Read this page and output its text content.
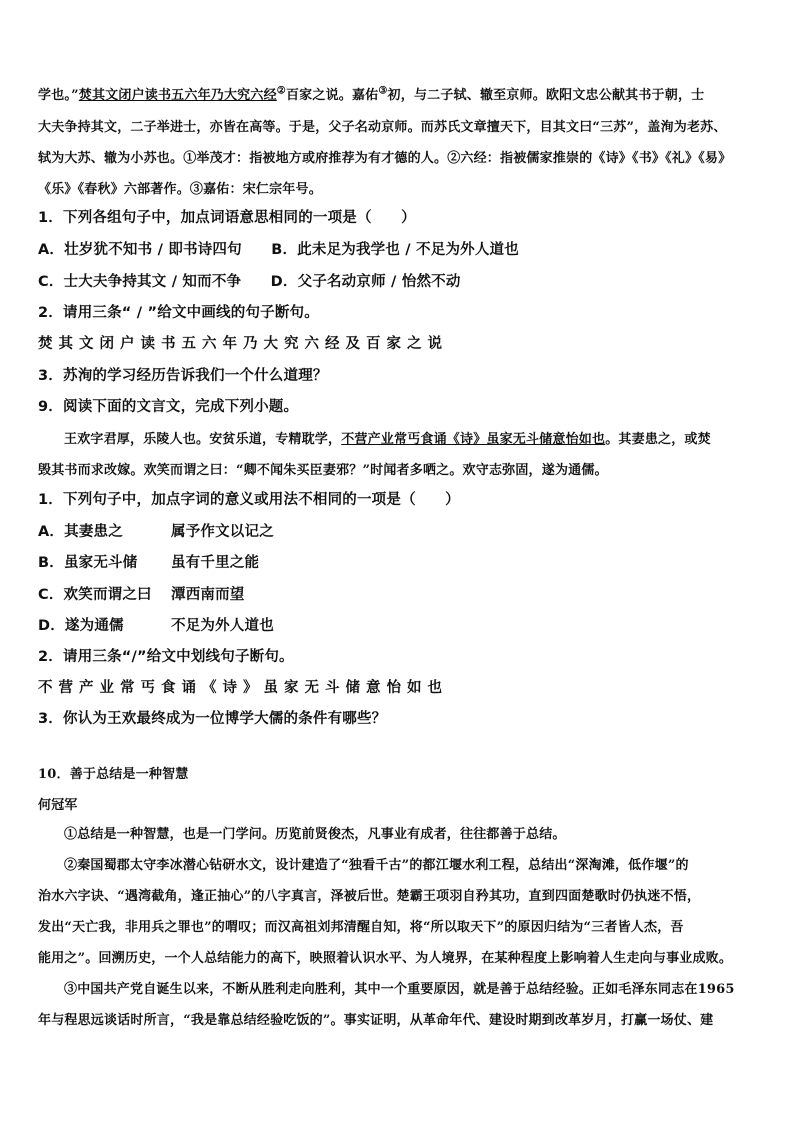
学也。”焚其文闭户读书五六年乃大究六经②百家之说。嘉佑③初，与二子轼、辙至京师。欧阳文忠公献其书于朝，士
大夫争持其文，二子举进士，亦皆在高等。于是，父子名动京师。而苏氏文章擅天下，目其文曰“三苏”，盖洵为老苏、
轼为大苏、辙为小苏也。①举茂才：指被地方或府推荐为有才德的人。②六经：指被儒家推崇的《诗》《书》《礼》《易》
《乐》《春秋》六部著作。③嘉佑：宋仁宗年号。
1．下列各组句子中，加点词语意思相同的一项是（　　）
A．壮岁犹不知书 / 即书诗四句　　B．此未足为我学也 / 不足为外人道也
C．士大夫争持其文 / 知而不争　　D．父子名动京师 / 怡然不动
2．请用三条“ / ”给文中画线的句子断句。
焚其文闭户读书五六年乃大究六经及百家之说
3．苏洵的学习经历告诉我们一个什么道理？
9．阅读下面的文言文，完成下列小题。
王欢字君厚，乐陵人也。安贫乐道，专精耽学，不营产业常丐食诵《诗》虽家无斗储意怡如也。其妻患之，或焚
毁其书而求改嫁。欢笑而谓之曰：“卿不闻朱买臣妻邪？”时闻者多哂之。欢守志弥固，遂为通儒。
1．下列句子中，加点字词的意义或用法不相同的一项是（　　）
A．其妻患之	属予作文以记之
B．虽家无斗储 虽有千里之能
C．欢笑而谓之曰 潭西南而望
D．遂为通儒	不足为外人道也
2．请用三条“/”给文中划线句子断句。
不营产业常丐食诵《诗》虽家无斗储意怡如也
3．你认为王欢最终成为一位博学大儒的条件有哪些？
10．善于总结是一种智慧
何冠军
①总结是一种智慧，也是一门学问。历览前贤俊杰，凡事业有成者，往往都善于总结。
②秦国蜀郡太守李冰潜心钻研水文，设计建造了“独看千古”的都江堰水利工程，总结出“深淘滩，低作堰”的
治水六字诀、“遇湾截角，逢正抽心”的八字真言，泽被后世。楚霸王项羽自矜其功，直到四面楚歌时仍执迷不悟，
发出“天亡我，非用兵之罪也”的喟叹；而汉高祖刘邦清醒自知，将“所以取天下”的原因归结为“三者皆人杰，吾
能用之”。回溯历史，一个人总结能力的高下，映照着认识水平、为人境界，在某种程度上影响着人生走向与事业成败。
③中国共产党自诞生以来，不断从胜利走向胜利，其中一个重要原因，就是善于总结经验。正如毛泽东同志在1965
年与程思远谈话时所言，“我是靠总结经验吃饭的”。事实证明，从革命年代、建设时期到改革岁月，打赢一场仗、建
